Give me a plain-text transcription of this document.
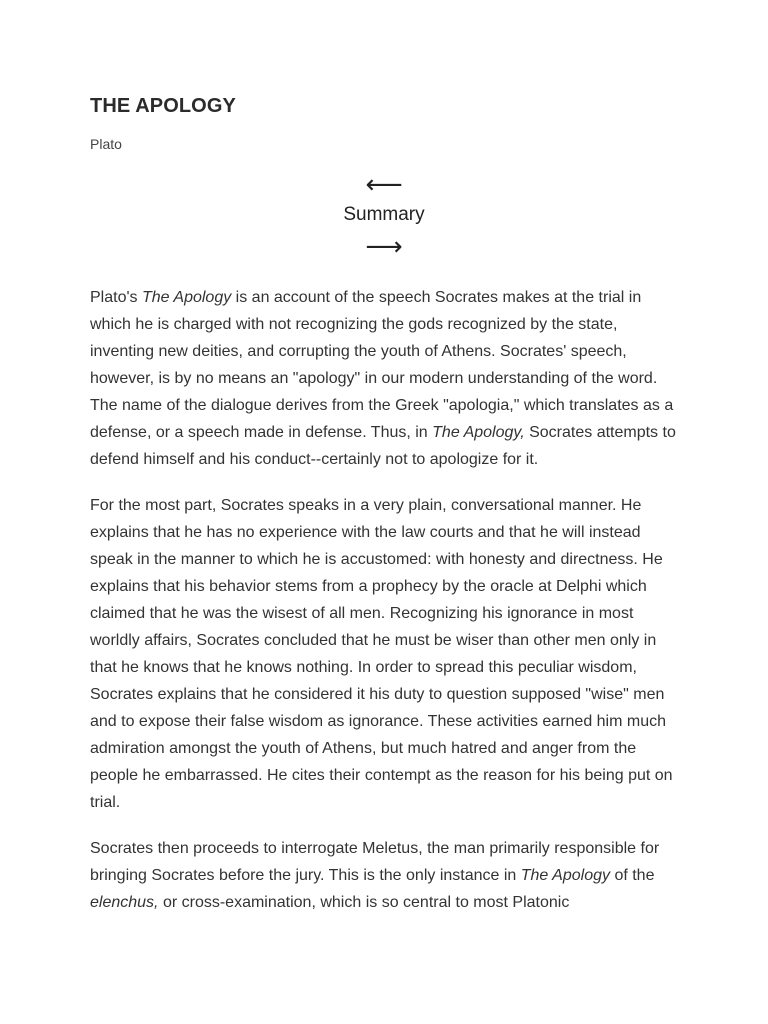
THE APOLOGY
Plato
⟵
Summary
⟶

Plato's The Apology is an account of the speech Socrates makes at the trial in which he is charged with not recognizing the gods recognized by the state, inventing new deities, and corrupting the youth of Athens. Socrates' speech, however, is by no means an "apology" in our modern understanding of the word. The name of the dialogue derives from the Greek "apologia," which translates as a defense, or a speech made in defense. Thus, in The Apology, Socrates attempts to defend himself and his conduct--certainly not to apologize for it.

For the most part, Socrates speaks in a very plain, conversational manner. He explains that he has no experience with the law courts and that he will instead speak in the manner to which he is accustomed: with honesty and directness. He explains that his behavior stems from a prophecy by the oracle at Delphi which claimed that he was the wisest of all men. Recognizing his ignorance in most worldly affairs, Socrates concluded that he must be wiser than other men only in that he knows that he knows nothing. In order to spread this peculiar wisdom, Socrates explains that he considered it his duty to question supposed "wise" men and to expose their false wisdom as ignorance. These activities earned him much admiration amongst the youth of Athens, but much hatred and anger from the people he embarrassed. He cites their contempt as the reason for his being put on trial.

Socrates then proceeds to interrogate Meletus, the man primarily responsible for bringing Socrates before the jury. This is the only instance in The Apology of the elenchus, or cross-examination, which is so central to most Platonic
